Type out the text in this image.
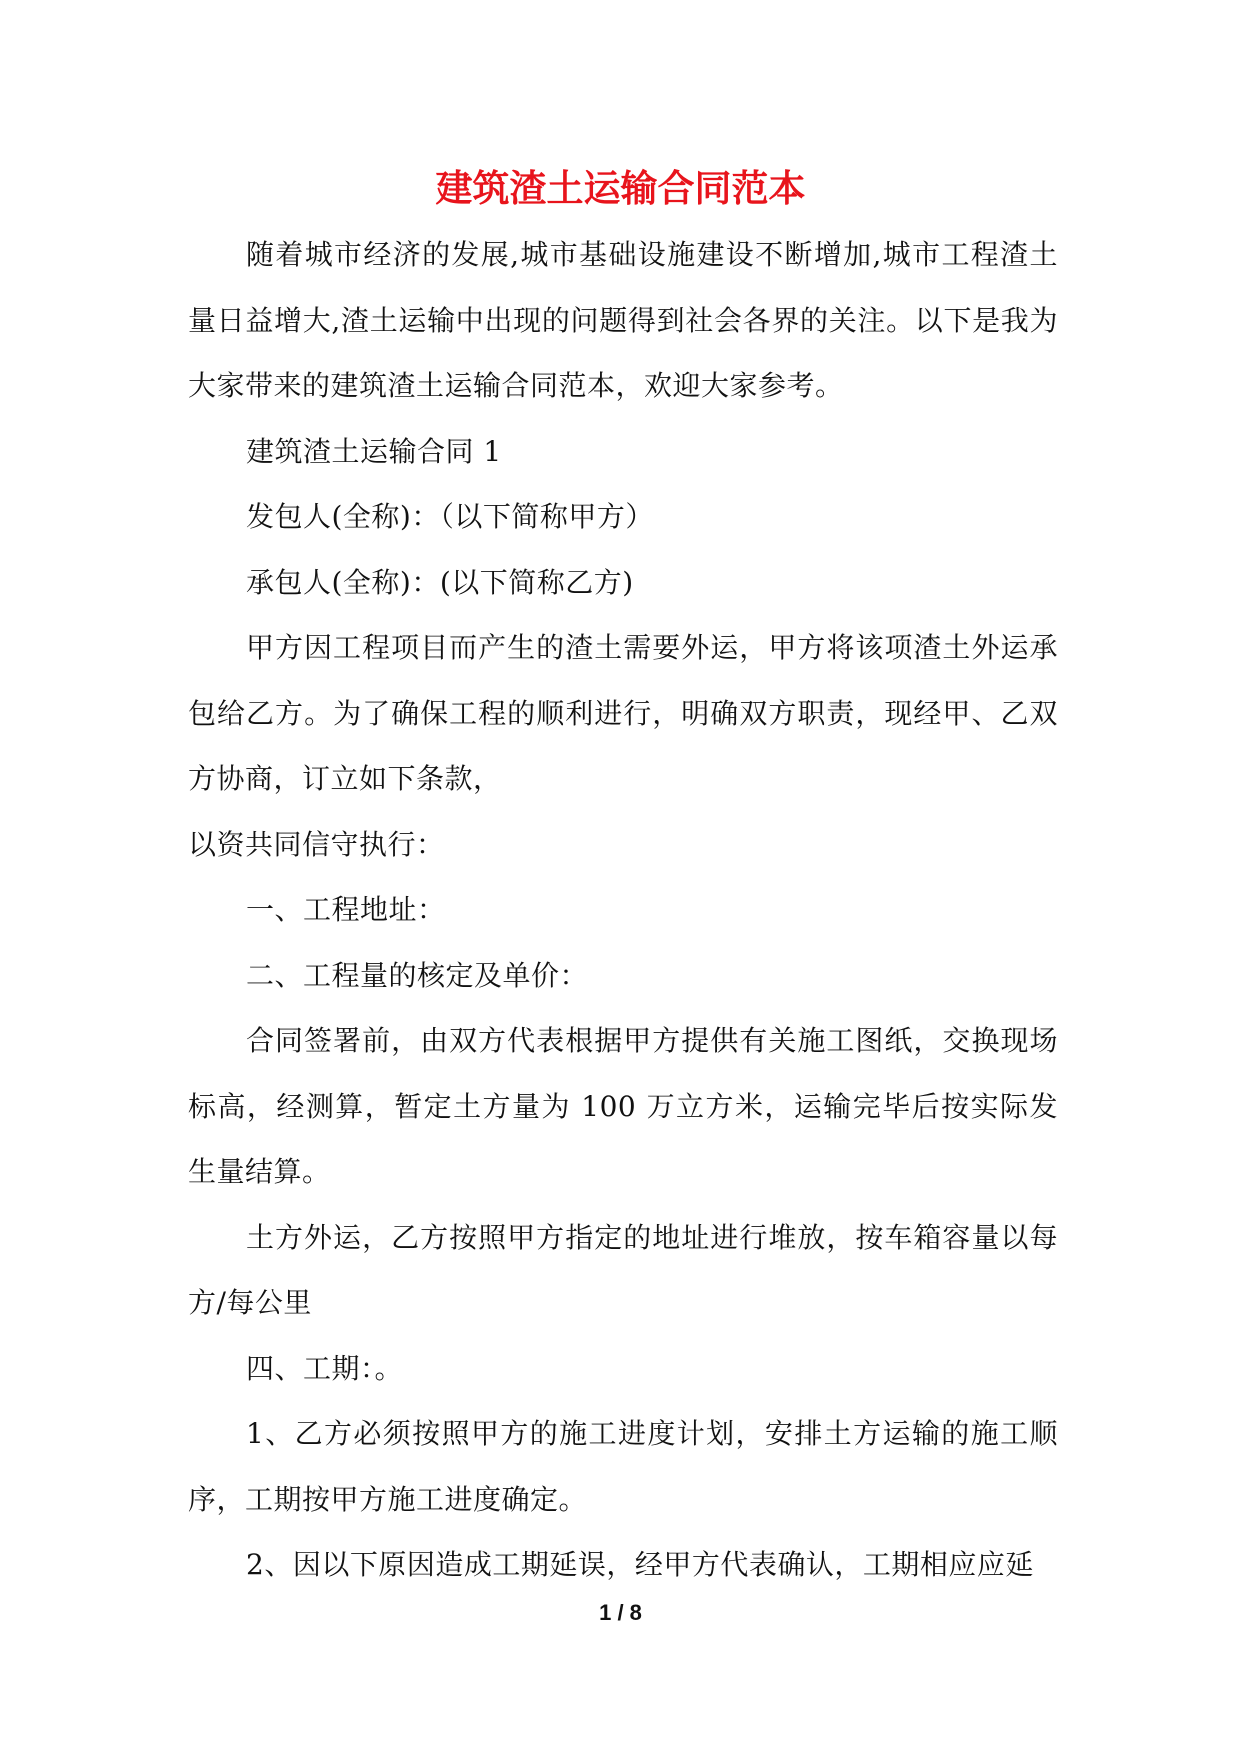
建筑渣土运输合同范本

随着城市经济的发展,城市基础设施建设不断增加,城市工程渣土量日益增大,渣土运输中出现的问题得到社会各界的关注。以下是我为大家带来的建筑渣土运输合同范本，欢迎大家参考。

建筑渣土运输合同 1

发包人(全称)：（以下简称甲方）

承包人(全称)：(以下简称乙方)

甲方因工程项目而产生的渣土需要外运，甲方将该项渣土外运承包给乙方。为了确保工程的顺利进行，明确双方职责，现经甲、乙双方协商，订立如下条款，

以资共同信守执行：

一、工程地址：

二、工程量的核定及单价：

合同签署前，由双方代表根据甲方提供有关施工图纸，交换现场标高，经测算，暂定土方量为 100 万立方米，运输完毕后按实际发生量结算。

土方外运，乙方按照甲方指定的地址进行堆放，按车箱容量以每方/每公里

四、工期：。

1、乙方必须按照甲方的施工进度计划，安排土方运输的施工顺序，工期按甲方施工进度确定。

2、因以下原因造成工期延误，经甲方代表确认，工期相应应延

1 / 8
